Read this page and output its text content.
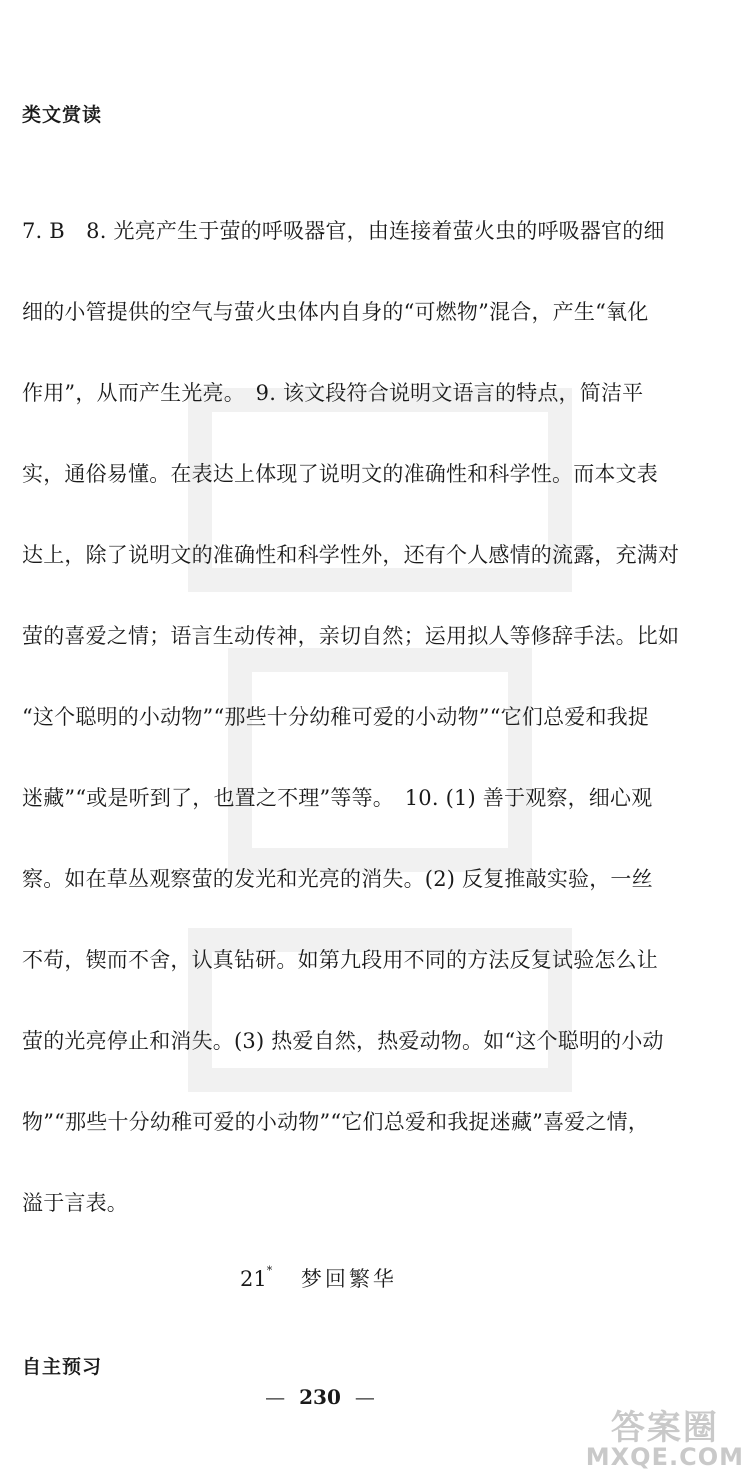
类文赏读
7. B　8. 光亮产生于萤的呼吸器官，由连接着萤火虫的呼吸器官的细
细的小管提供的空气与萤火虫体内自身的“可燃物”混合，产生“氧化
作用”，从而产生光亮。　9. 该文段符合说明文语言的特点，简洁平
实，通俗易懂。在表达上体现了说明文的准确性和科学性。而本文表
达上，除了说明文的准确性和科学性外，还有个人感情的流露，充满对
萤的喜爱之情；语言生动传神，亲切自然；运用拟人等修辞手法。比如
“这个聪明的小动物”“那些十分幼稚可爱的小动物”“它们总爱和我捉
迷藏”“或是听到了，也置之不理”等等。　10. (1) 善于观察，细心观
察。如在草丛观察萤的发光和光亮的消失。(2) 反复推敲实验，一丝
不苟，锲而不舍，认真钻研。如第九段用不同的方法反复试验怎么让
萤的光亮停止和消失。(3) 热爱自然，热爱动物。如“这个聪明的小动
物”“那些十分幼稚可爱的小动物”“它们总爱和我捉迷藏”喜爱之情，
溢于言表。
21* 梦回繁华
自主预习
— 230 —
答案圈
MXQE.COM
